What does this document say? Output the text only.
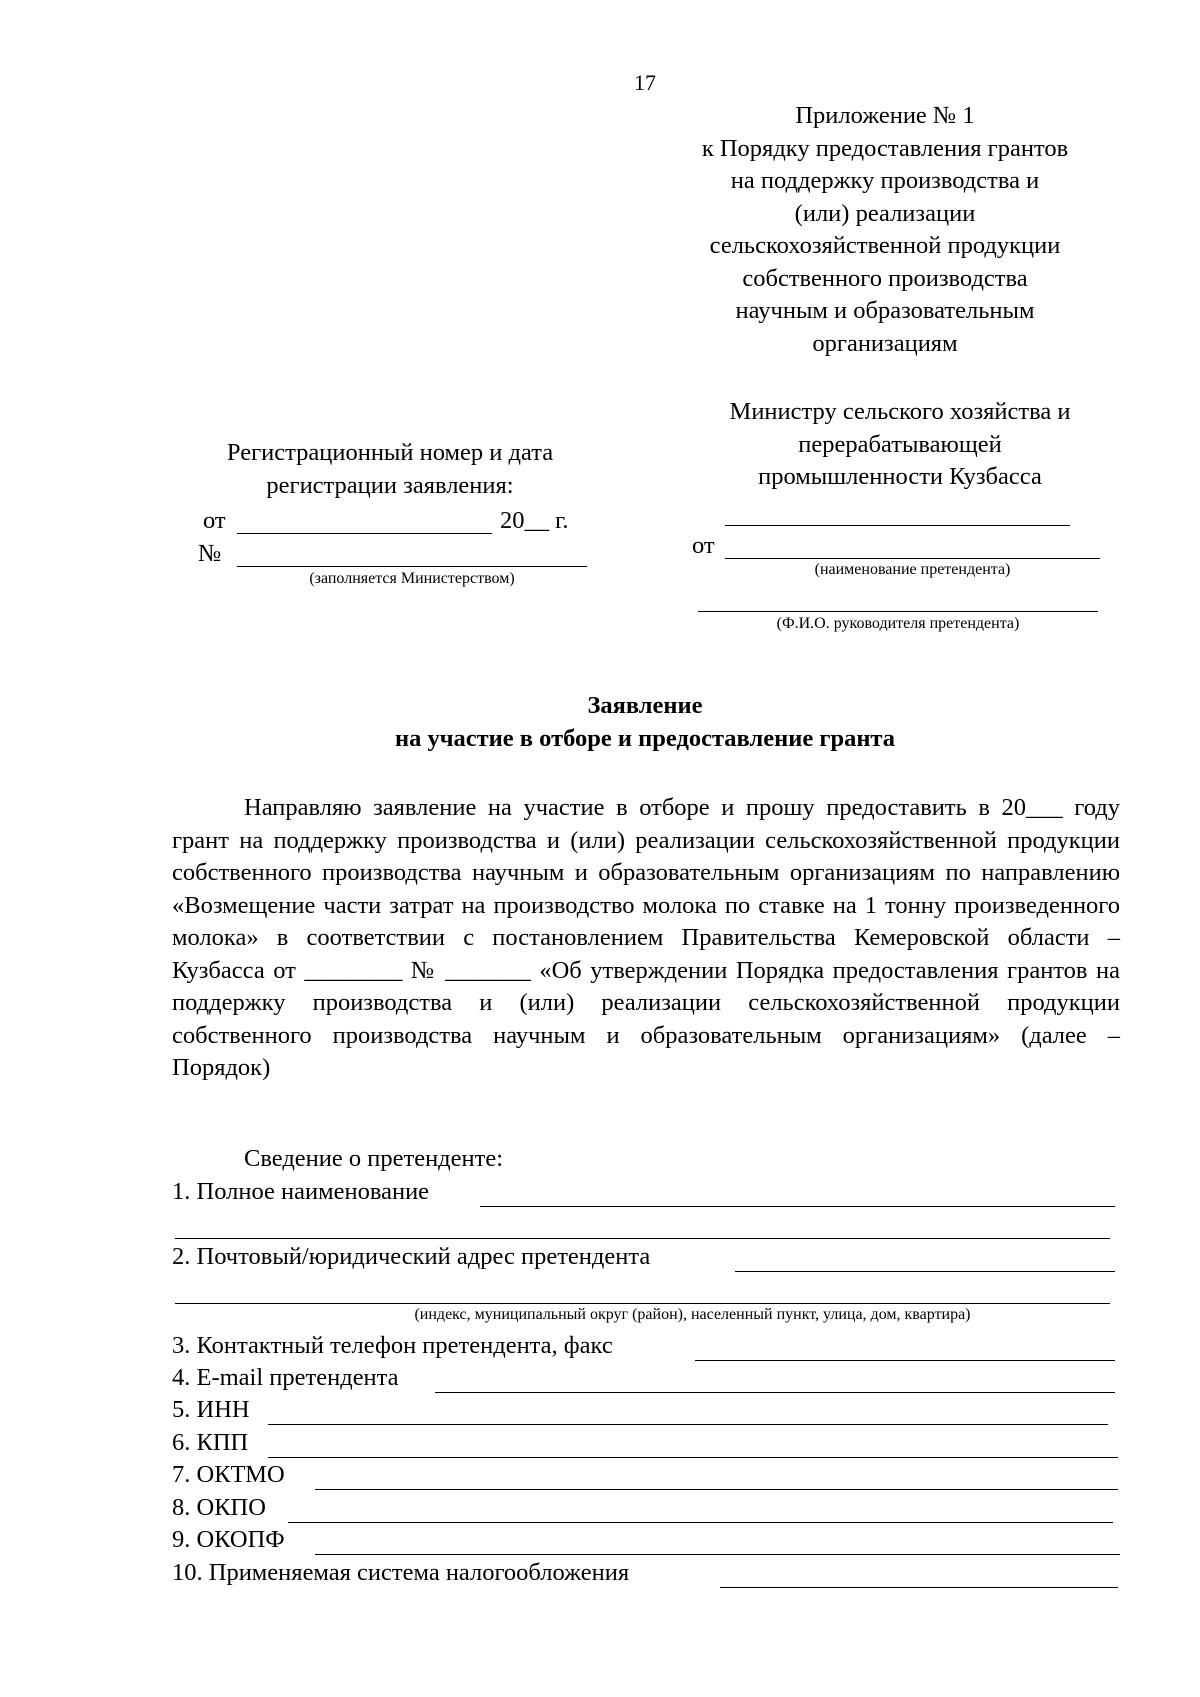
17
Приложение № 1
к Порядку предоставления грантов
на поддержку производства и
(или) реализации
сельскохозяйственной продукции
собственного производства
научным и образовательным
организациям
Министру сельского хозяйства и
перерабатывающей
промышленности Кузбасса
от
(наименование претендента)
(Ф.И.О. руководителя претендента)
Регистрационный номер и дата
регистрации заявления:
от	20__ г.
№
(заполняется Министерством)
Заявление
на участие в отборе и предоставление гранта
Направляю заявление на участие в отборе и прошу предоставить в 20___ году грант на поддержку производства и (или) реализации сельскохозяйственной продукции собственного производства научным и образовательным организациям по направлению «Возмещение части затрат на производство молока по ставке на 1 тонну произведенного молока» в соответствии с постановлением Правительства Кемеровской области – Кузбасса от ________ № _______ «Об утверждении Порядка предоставления грантов на поддержку производства и (или) реализации сельскохозяйственной продукции собственного производства научным и образовательным организациям» (далее – Порядок)
Сведение о претенденте:
1. Полное наименование
2. Почтовый/юридический адрес претендента
(индекс, муниципальный округ (район), населенный пункт, улица, дом, квартира)
3. Контактный телефон претендента, факс
4. E-mail претендента
5. ИНН
6. КПП
7. ОКТМО
8. ОКПО
9. ОКОПФ
10. Применяемая система налогообложения
